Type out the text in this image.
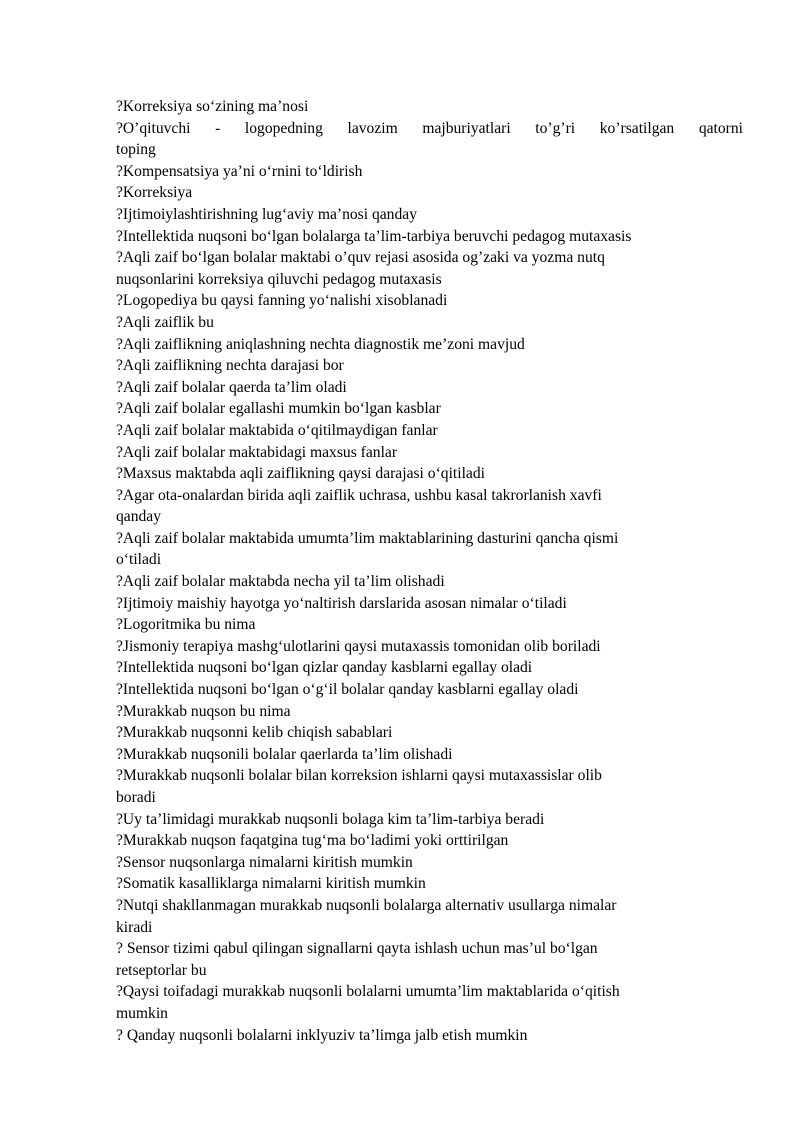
?Korreksiya so‘zining ma’nosi

?O’qituvchi - logopedning lavozim majburiyatlari to’g’ri ko’rsatilgan qatorni

toping

?Kompensatsiya ya’ni o‘rnini to‘ldirish

?Korreksiya

?Ijtimoiylashtirishning lug‘aviy ma’nosi qanday

?Intellektida nuqsoni bo‘lgan bolalarga ta’lim-tarbiya beruvchi pedagog mutaxasis

?Aqli zaif bo‘lgan bolalar maktabi o’quv rejasi asosida og’zaki va yozma nutq

nuqsonlarini korreksiya qiluvchi pedagog mutaxasis

?Logopediya bu qaysi fanning yo‘nalishi xisoblanadi

?Aqli zaiflik bu

?Aqli zaiflikning aniqlashning nechta diagnostik me’zoni mavjud

?Aqli zaiflikning nechta darajasi bor

?Aqli zaif bolalar qaerda ta’lim oladi

?Aqli zaif bolalar egallashi mumkin bo‘lgan kasblar

?Aqli zaif bolalar maktabida o‘qitilmaydigan fanlar

?Aqli zaif bolalar maktabidagi maxsus fanlar

?Maxsus maktabda aqli zaiflikning qaysi darajasi o‘qitiladi

?Agar ota-onalardan birida aqli zaiflik uchrasa, ushbu kasal takrorlanish xavfi

qanday

?Aqli zaif bolalar maktabida umumta’lim maktablarining dasturini qancha qismi

o‘tiladi

?Aqli zaif bolalar maktabda necha yil ta’lim olishadi

?Ijtimoiy maishiy hayotga yo‘naltirish darslarida asosan nimalar o‘tiladi

?Logoritmika bu nima

?Jismoniy terapiya mashg‘ulotlarini qaysi mutaxassis tomonidan olib boriladi

?Intellektida nuqsoni bo‘lgan qizlar qanday kasblarni egallay oladi

?Intellektida nuqsoni bo‘lgan o‘g‘il bolalar qanday kasblarni egallay oladi

?Murakkab nuqson bu nima

?Murakkab nuqsonni kelib chiqish sabablari

?Murakkab nuqsonili bolalar qaerlarda ta’lim olishadi

?Murakkab nuqsonli bolalar bilan korreksion ishlarni qaysi mutaxassislar olib

boradi

?Uy ta’limidagi murakkab nuqsonli bolaga kim ta’lim-tarbiya beradi

?Murakkab nuqson faqatgina tug‘ma bo‘ladimi yoki orttirilgan

?Sensor nuqsonlarga nimalarni kiritish mumkin

?Somatik kasalliklarga nimalarni kiritish mumkin

?Nutqi shakllanmagan murakkab nuqsonli bolalarga alternativ usullarga nimalar

kiradi

? Sensor tizimi qabul qilingan signallarni qayta ishlash uchun mas’ul bo‘lgan

retseptorlar bu

?Qaysi toifadagi murakkab nuqsonli bolalarni umumta’lim maktablarida o‘qitish

mumkin

? Qanday nuqsonli bolalarni inklyuziv ta’limga jalb etish mumkin
